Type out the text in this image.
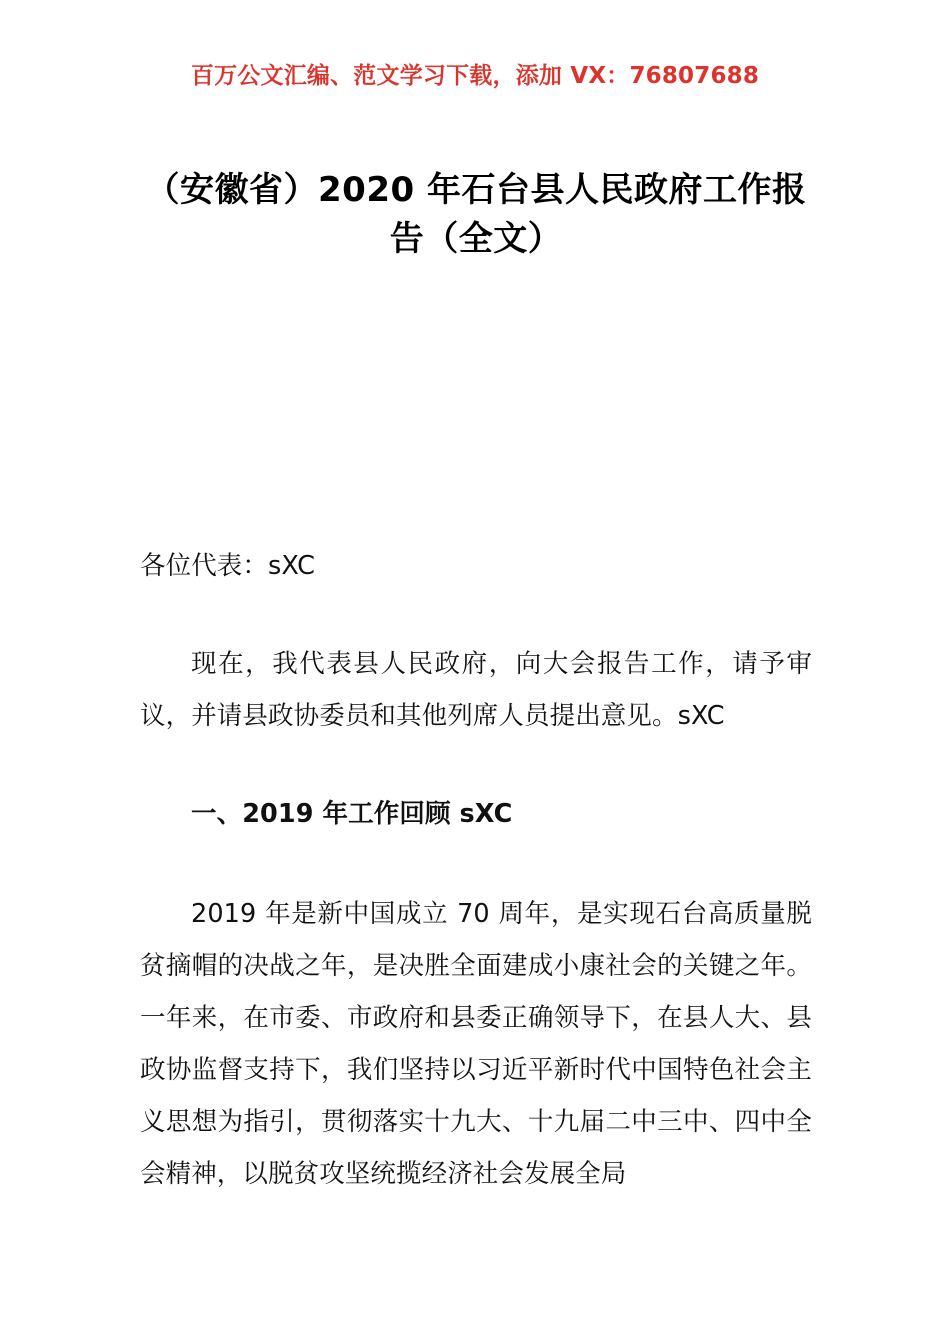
百万公文汇编、范文学习下载，添加 VX：76807688
（安徽省）2020 年石台县人民政府工作报告（全文）

各位代表：sXC

现在，我代表县人民政府，向大会报告工作，请予审议，并请县政协委员和其他列席人员提出意见。sXC

一、2019 年工作回顾 sXC

2019 年是新中国成立 70 周年，是实现石台高质量脱贫摘帽的决战之年，是决胜全面建成小康社会的关键之年。一年来，在市委、市政府和县委正确领导下，在县人大、县政协监督支持下，我们坚持以习近平新时代中国特色社会主义思想为指引，贯彻落实十九大、十九届二中三中、四中全会精神，以脱贫攻坚统揽经济社会发展全局
